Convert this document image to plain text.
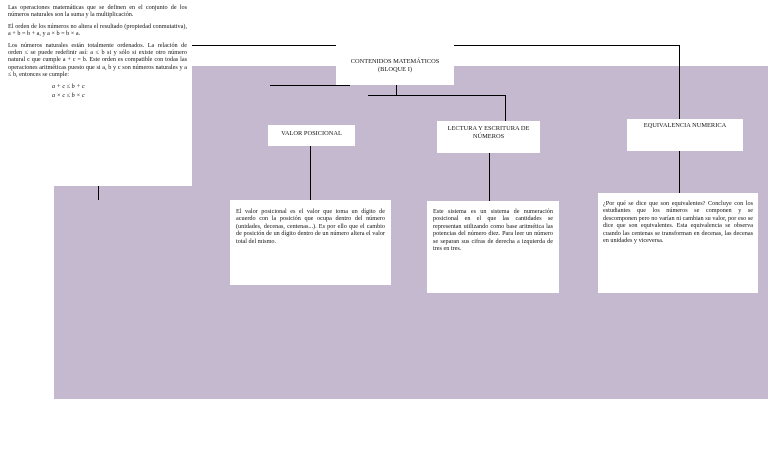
Las operaciones matemáticas que se definen en el conjunto de los números naturales son la suma y la multiplicación.

El orden de los números no altera el resultado (propiedad conmutativa), a + b = b + a, y a × b = b × a.

Los números naturales están totalmente ordenados. La relación de orden ≤ se puede redefinir así: a ≤ b si y sólo si existe otro número natural c que cumple a + c = b. Este orden es compatible con todas las operaciones aritméticas puesto que si a, b y c son números naturales y a ≤ b, entonces se cumple:

a + c ≤ b + c
a × c ≤ b × c
CONTENIDOS MATEMÁTICOS
(BLOQUE I)
VALOR POSICIONAL
LECTURA Y ESCRITURA DE NÚMEROS
EQUIVALENCIA NUMERICA
El valor posicional es el valor que toma un dígito de acuerdo con la posición que ocupa dentro del número (unidades, decenas, centenas...). Es por ello que el cambio de posición de un dígito dentro de un número altera el valor total del mismo.
Este sistema es un sistema de numeración posicional en el que las cantidades se representan utilizando como base aritmética las potencias del número diez. Para leer un número se separan sus cifras de derecha a izquierda de tres en tres.
¿Por qué se dice que son equivalentes? Concluye con los estudiantes que los números se componen y se descomponen pero no varían ni cambian su valor, por eso se dice que son equivalentes. Esta equivalencia se observa cuando las centenas se transforman en decenas, las decenas en unidades y viceversa.
